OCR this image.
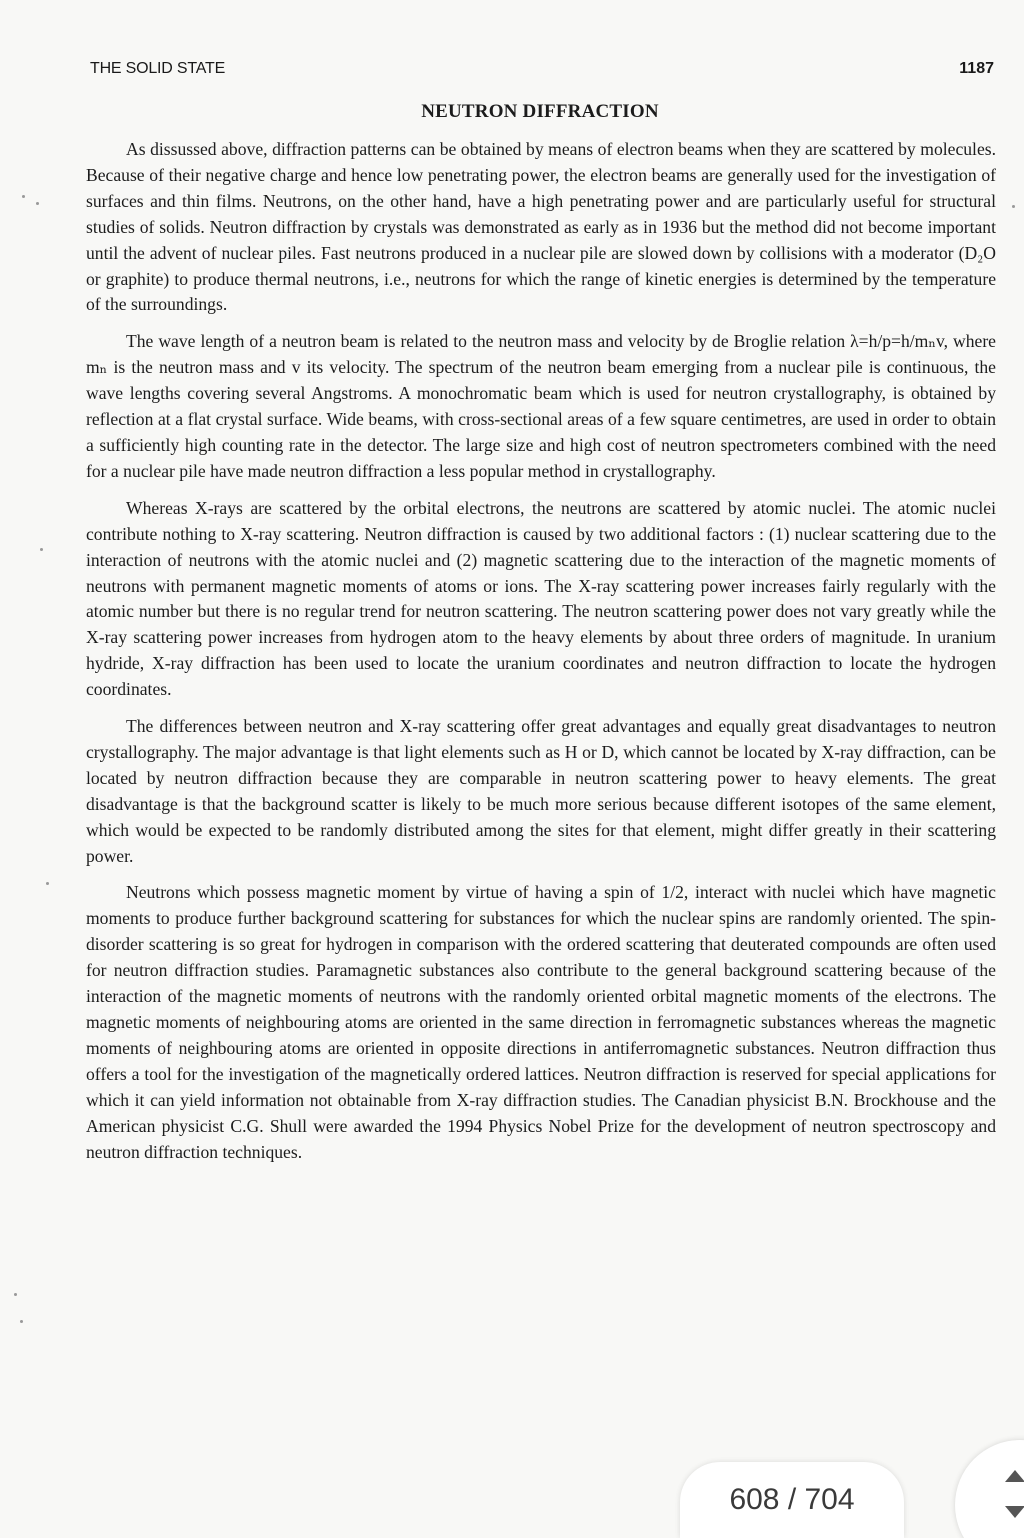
THE SOLID STATE	1187
NEUTRON DIFFRACTION

As dissussed above, diffraction patterns can be obtained by means of electron beams when they are scattered by molecules. Because of their negative charge and hence low penetrating power, the electron beams are generally used for the investigation of surfaces and thin films. Neutrons, on the other hand, have a high penetrating power and are particularly useful for structural studies of solids. Neutron diffraction by crystals was demonstrated as early as in 1936 but the method did not become important until the advent of nuclear piles. Fast neutrons produced in a nuclear pile are slowed down by collisions with a moderator (D₂O or graphite) to produce thermal neutrons, i.e., neutrons for which the range of kinetic energies is determined by the temperature of the surroundings.

The wave length of a neutron beam is related to the neutron mass and velocity by de Broglie relation λ=h/p=h/mₙv, where mₙ is the neutron mass and v its velocity. The spectrum of the neutron beam emerging from a nuclear pile is continuous, the wave lengths covering several Angstroms. A monochromatic beam which is used for neutron crystallography, is obtained by reflection at a flat crystal surface. Wide beams, with cross-sectional areas of a few square centimetres, are used in order to obtain a sufficiently high counting rate in the detector. The large size and high cost of neutron spectrometers combined with the need for a nuclear pile have made neutron diffraction a less popular method in crystallography.

Whereas X-rays are scattered by the orbital electrons, the neutrons are scattered by atomic nuclei. The atomic nuclei contribute nothing to X-ray scattering. Neutron diffraction is caused by two additional factors : (1) nuclear scattering due to the interaction of neutrons with the atomic nuclei and (2) magnetic scattering due to the interaction of the magnetic moments of neutrons with permanent magnetic moments of atoms or ions. The X-ray scattering power increases fairly regularly with the atomic number but there is no regular trend for neutron scattering. The neutron scattering power does not vary greatly while the X-ray scattering power increases from hydrogen atom to the heavy elements by about three orders of magnitude. In uranium hydride, X-ray diffraction has been used to locate the uranium coordinates and neutron diffraction to locate the hydrogen coordinates.

The differences between neutron and X-ray scattering offer great advantages and equally great disadvantages to neutron crystallography. The major advantage is that light elements such as H or D, which cannot be located by X-ray diffraction, can be located by neutron diffraction because they are comparable in neutron scattering power to heavy elements. The great disadvantage is that the background scatter is likely to be much more serious because different isotopes of the same element, which would be expected to be randomly distributed among the sites for that element, might differ greatly in their scattering power.

Neutrons which possess magnetic moment by virtue of having a spin of 1/2, interact with nuclei which have magnetic moments to produce further background scattering for substances for which the nuclear spins are randomly oriented. The spin-disorder scattering is so great for hydrogen in comparison with the ordered scattering that deuterated compounds are often used for neutron diffraction studies. Paramagnetic substances also contribute to the general background scattering because of the interaction of the magnetic moments of neutrons with the randomly oriented orbital magnetic moments of the electrons. The magnetic moments of neighbouring atoms are oriented in the same direction in ferromagnetic substances whereas the magnetic moments of neighbouring atoms are oriented in opposite directions in antiferromagnetic substances. Neutron diffraction thus offers a tool for the investigation of the magnetically ordered lattices. Neutron diffraction is reserved for special applications for which it can yield information not obtainable from X-ray diffraction studies. The Canadian physicist B.N. Brockhouse and the American physicist C.G. Shull were awarded the 1994 Physics Nobel Prize for the development of neutron spectroscopy and neutron diffraction techniques.

608 / 704
